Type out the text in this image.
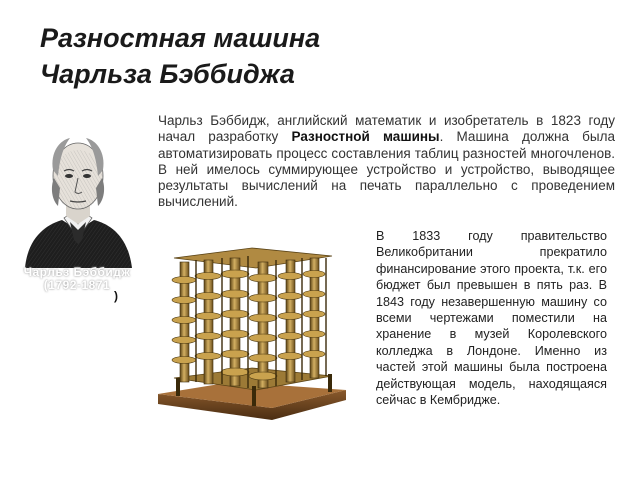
Разностная машина
Чарльза Бэббиджа
Чарльз Бэббидж
(1792-1871
)
Чарльз Бэббидж, английский математик и изобретатель в 1823 году начал разработку Разностной машины. Машина должна была автоматизировать процесс составления таблиц разностей многочленов. В ней имелось суммирующее устройство и устройство, выводящее результаты вычислений на печать параллельно с проведением вычислений.
В 1833 году правительство Великобритании прекратило финансирование этого проекта, т.к. его бюджет был превышен в пять раз. В 1843 году незавершенную машину со всеми чертежами поместили на хранение в музей Королевского колледжа в Лондоне. Именно из частей этой машины была построена действующая модель, находящаяся сейчас в Кембридже.
